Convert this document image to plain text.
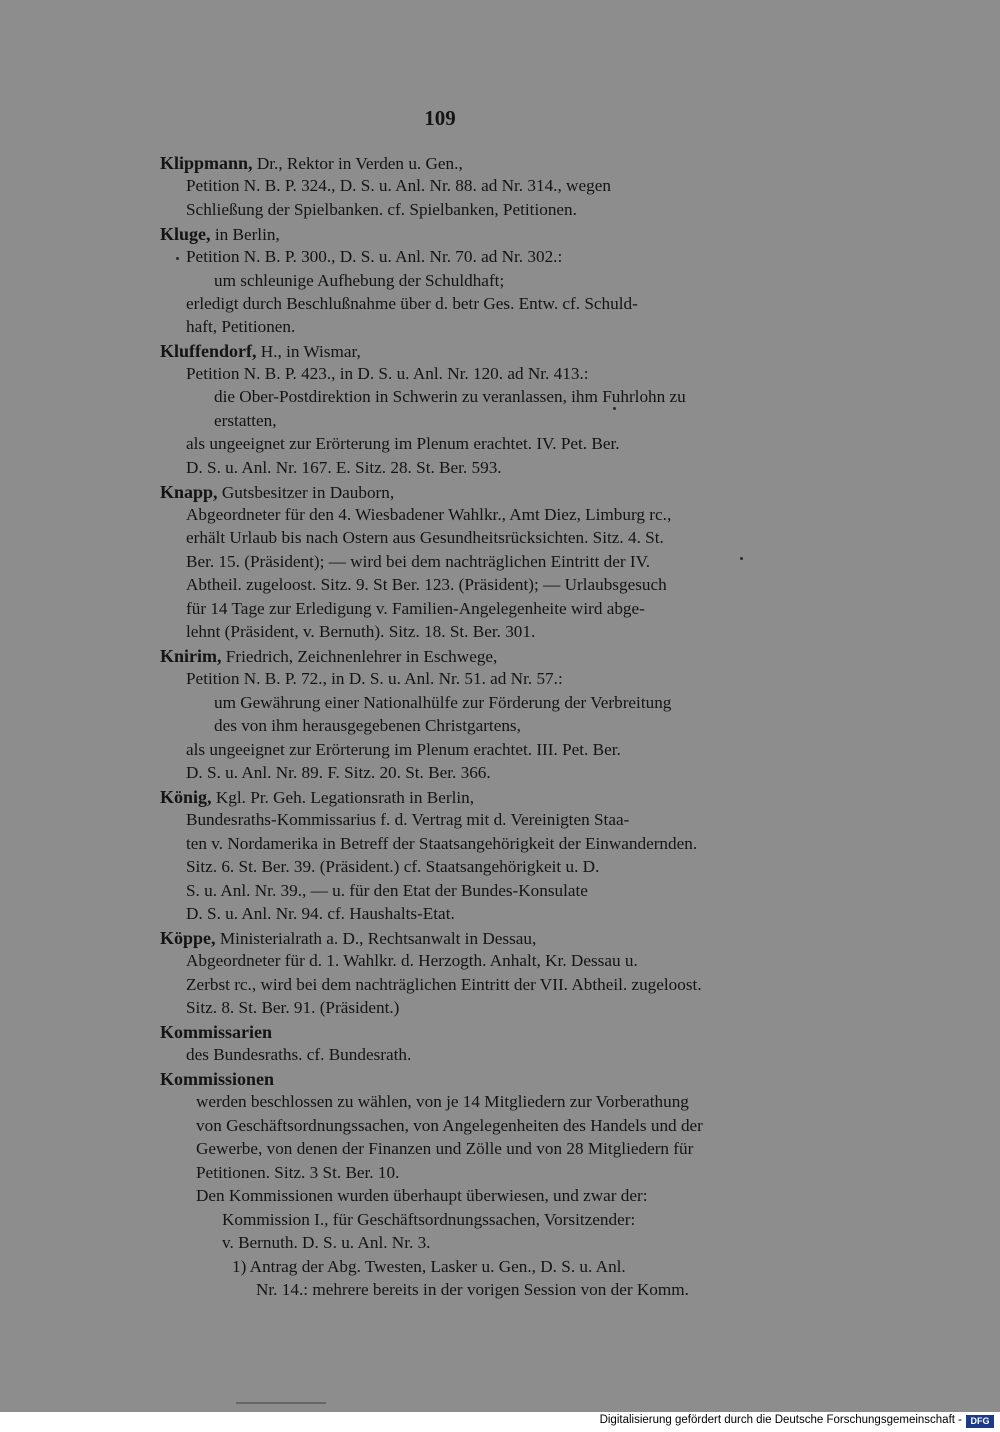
109
Klippmann, Dr., Rektor in Verden u. Gen.,
Petition N. B. P. 324., D. S. u. Anl. Nr. 88. ad Nr. 314., wegen
Schließung der Spielbanken. cf. Spielbanken, Petitionen.
Kluge, in Berlin,
Petition N. B. P. 300., D. S. u. Anl. Nr. 70. ad Nr. 302.:
um schleunige Aufhebung der Schuldhaft;
erledigt durch Beschlußnahme über d. betr Ges. Entw. cf. Schuld-
haft, Petitionen.
Kluffendorf, H., in Wismar,
Petition N. B. P. 423., in D. S. u. Anl. Nr. 120. ad Nr. 413.:
die Ober-Postdirektion in Schwerin zu veranlassen, ihm Fuhrlohn zu
erstatten,
als ungeeignet zur Erörterung im Plenum erachtet. IV. Pet. Ber.
D. S. u. Anl. Nr. 167. E. Sitz. 28. St. Ber. 593.
Knapp, Gutsbesitzer in Dauborn,
Abgeordneter für den 4. Wiesbadener Wahlkr., Amt Diez, Limburg rc.,
erhält Urlaub bis nach Ostern aus Gesundheitsrücksichten. Sitz. 4. St.
Ber. 15. (Präsident); — wird bei dem nachträglichen Eintritt der IV.
Abtheil. zugeloost. Sitz. 9. St Ber. 123. (Präsident); — Urlaubsgesuch
für 14 Tage zur Erledigung v. Familien-Angelegenheite wird abge-
lehnt (Präsident, v. Bernuth). Sitz. 18. St. Ber. 301.
Knirim, Friedrich, Zeichnenlehrer in Eschwege,
Petition N. B. P. 72., in D. S. u. Anl. Nr. 51. ad Nr. 57.:
um Gewährung einer Nationalhülfe zur Förderung der Verbreitung
des von ihm herausgegebenen Christgartens,
als ungeeignet zur Erörterung im Plenum erachtet. III. Pet. Ber.
D. S. u. Anl. Nr. 89. F. Sitz. 20. St. Ber. 366.
König, Kgl. Pr. Geh. Legationsrath in Berlin,
Bundesraths-Kommissarius f. d. Vertrag mit d. Vereinigten Staa-
ten v. Nordamerika in Betreff der Staatsangehörigkeit der Einwandernden.
Sitz. 6. St. Ber. 39. (Präsident.) cf. Staatsangehörigkeit u. D.
S. u. Anl. Nr. 39., — u. für den Etat der Bundes-Konsulate
D. S. u. Anl. Nr. 94. cf. Haushalts-Etat.
Köppe, Ministerialrath a. D., Rechtsanwalt in Dessau,
Abgeordneter für d. 1. Wahlkr. d. Herzogth. Anhalt, Kr. Dessau u.
Zerbst rc., wird bei dem nachträglichen Eintritt der VII. Abtheil. zugeloost.
Sitz. 8. St. Ber. 91. (Präsident.)
Kommissarien
des Bundesraths. cf. Bundesrath.
Kommissionen
werden beschlossen zu wählen, von je 14 Mitgliedern zur Vorberathung
von Geschäftsordnungssachen, von Angelegenheiten des Handels und der
Gewerbe, von denen der Finanzen und Zölle und von 28 Mitgliedern für
Petitionen. Sitz. 3 St. Ber. 10.
Den Kommissionen wurden überhaupt überwiesen, und zwar der:
Kommission I., für Geschäftsordnungssachen, Vorsitzender:
v. Bernuth. D. S. u. Anl. Nr. 3.
1) Antrag der Abg. Twesten, Lasker u. Gen., D. S. u. Anl.
Nr. 14.: mehrere bereits in der vorigen Session von der Komm.
Digitalisierung gefördert durch die Deutsche Forschungsgemeinschaft - DFG
